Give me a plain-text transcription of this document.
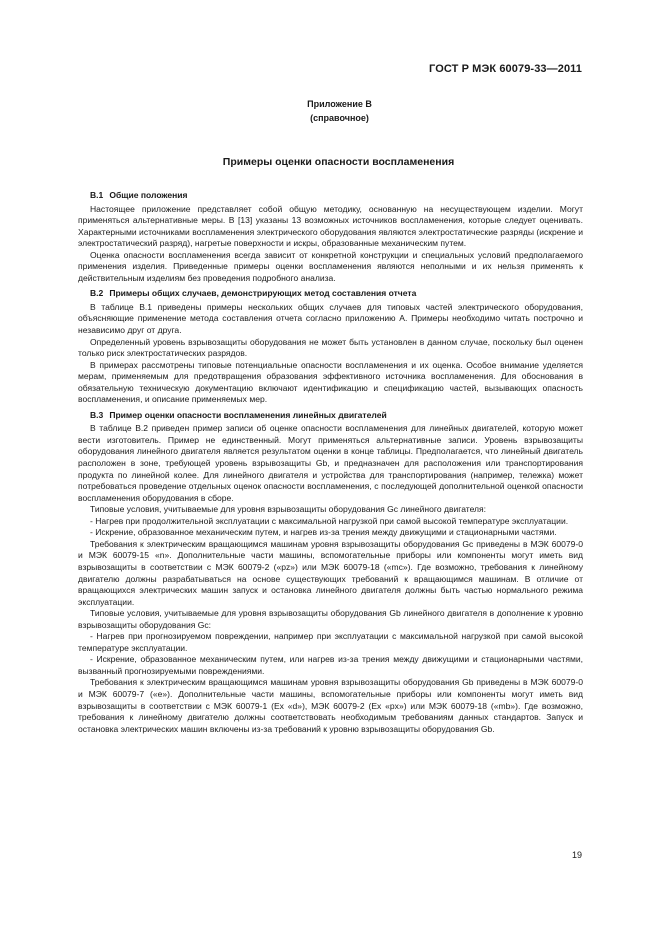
ГОСТ Р МЭК 60079-33—2011
Приложение В
(справочное)
Примеры оценки опасности воспламенения

В.1 Общие положения

Настоящее приложение представляет собой общую методику, основанную на несуществующем изделии. Могут применяться альтернативные меры. В [13] указаны 13 возможных источников воспламенения, которые следует оценивать. Характерными источниками воспламенения электрического оборудования являются электростатические разряды (искрение и электростатический разряд), нагретые поверхности и искры, образованные механическим путем.

Оценка опасности воспламенения всегда зависит от конкретной конструкции и специальных условий предполагаемого применения изделия. Приведенные примеры оценки воспламенения являются неполными и их нельзя применять к действительным изделиям без проведения подробного анализа.

В.2 Примеры общих случаев, демонстрирующих метод составления отчета

В таблице В.1 приведены примеры нескольких общих случаев для типовых частей электрического оборудования, объясняющие применение метода составления отчета согласно приложению А. Примеры необходимо читать построчно и независимо друг от друга.

Определенный уровень взрывозащиты оборудования не может быть установлен в данном случае, поскольку был оценен только риск электростатических разрядов.

В примерах рассмотрены типовые потенциальные опасности воспламенения и их оценка. Особое внимание уделяется мерам, применяемым для предотвращения образования эффективного источника воспламенения. Для обоснования в обязательную техническую документацию включают идентификацию и спецификацию частей, вызывающих опасность воспламенения, и описание применяемых мер.

В.3 Пример оценки опасности воспламенения линейных двигателей

В таблице В.2 приведен пример записи об оценке опасности воспламенения для линейных двигателей, которую может вести изготовитель. Пример не единственный. Могут применяться альтернативные записи. Уровень взрывозащиты оборудования линейного двигателя является результатом оценки в конце таблицы. Предполагается, что линейный двигатель расположен в зоне, требующей уровень взрывозащиты Gb, и предназначен для расположения или транспортирования продукта по линейной колее. Для линейного двигателя и устройства для транспортирования (например, тележка) может потребоваться проведение отдельных оценок опасности воспламенения, с последующей дополнительной оценкой опасности воспламенения оборудования в сборе.

Типовые условия, учитываемые для уровня взрывозащиты оборудования Gc линейного двигателя:

- Нагрев при продолжительной эксплуатации с максимальной нагрузкой при самой высокой температуре эксплуатации.

- Искрение, образованное механическим путем, и нагрев из-за трения между движущими и стационарными частями.

Требования к электрическим вращающимся машинам уровня взрывозащиты оборудования Gc приведены в МЭК 60079-0 и МЭК 60079-15 «n». Дополнительные части машины, вспомогательные приборы или компоненты могут иметь вид взрывозащиты в соответствии с МЭК 60079-2 («pz») или МЭК 60079-18 («mc»). Где возможно, требования к линейному двигателю должны разрабатываться на основе существующих требований к вращающимся машинам. В отличие от вращающихся электрических машин запуск и остановка линейного двигателя должны быть частью нормального режима эксплуатации.

Типовые условия, учитываемые для уровня взрывозащиты оборудования Gb линейного двигателя в дополнение к уровню взрывозащиты оборудования Gc:

- Нагрев при прогнозируемом повреждении, например при эксплуатации с максимальной нагрузкой при самой высокой температуре эксплуатации.

- Искрение, образованное механическим путем, или нагрев из-за трения между движущими и стационарными частями, вызванный прогнозируемыми повреждениями.

Требования к электрическим вращающимся машинам уровня взрывозащиты оборудования Gb приведены в МЭК 60079-0 и МЭК 60079-7 («e»). Дополнительные части машины, вспомогательные приборы или компоненты могут иметь вид взрывозащиты в соответствии с МЭК 60079-1 (Ex «d»), МЭК 60079-2 (Ex «px») или МЭК 60079-18 («mb»). Где возможно, требования к линейному двигателю должны соответствовать необходимым требованиям данных стандартов. Запуск и остановка электрических машин включены из-за требований к уровню взрывозащиты оборудования Gb.

19
